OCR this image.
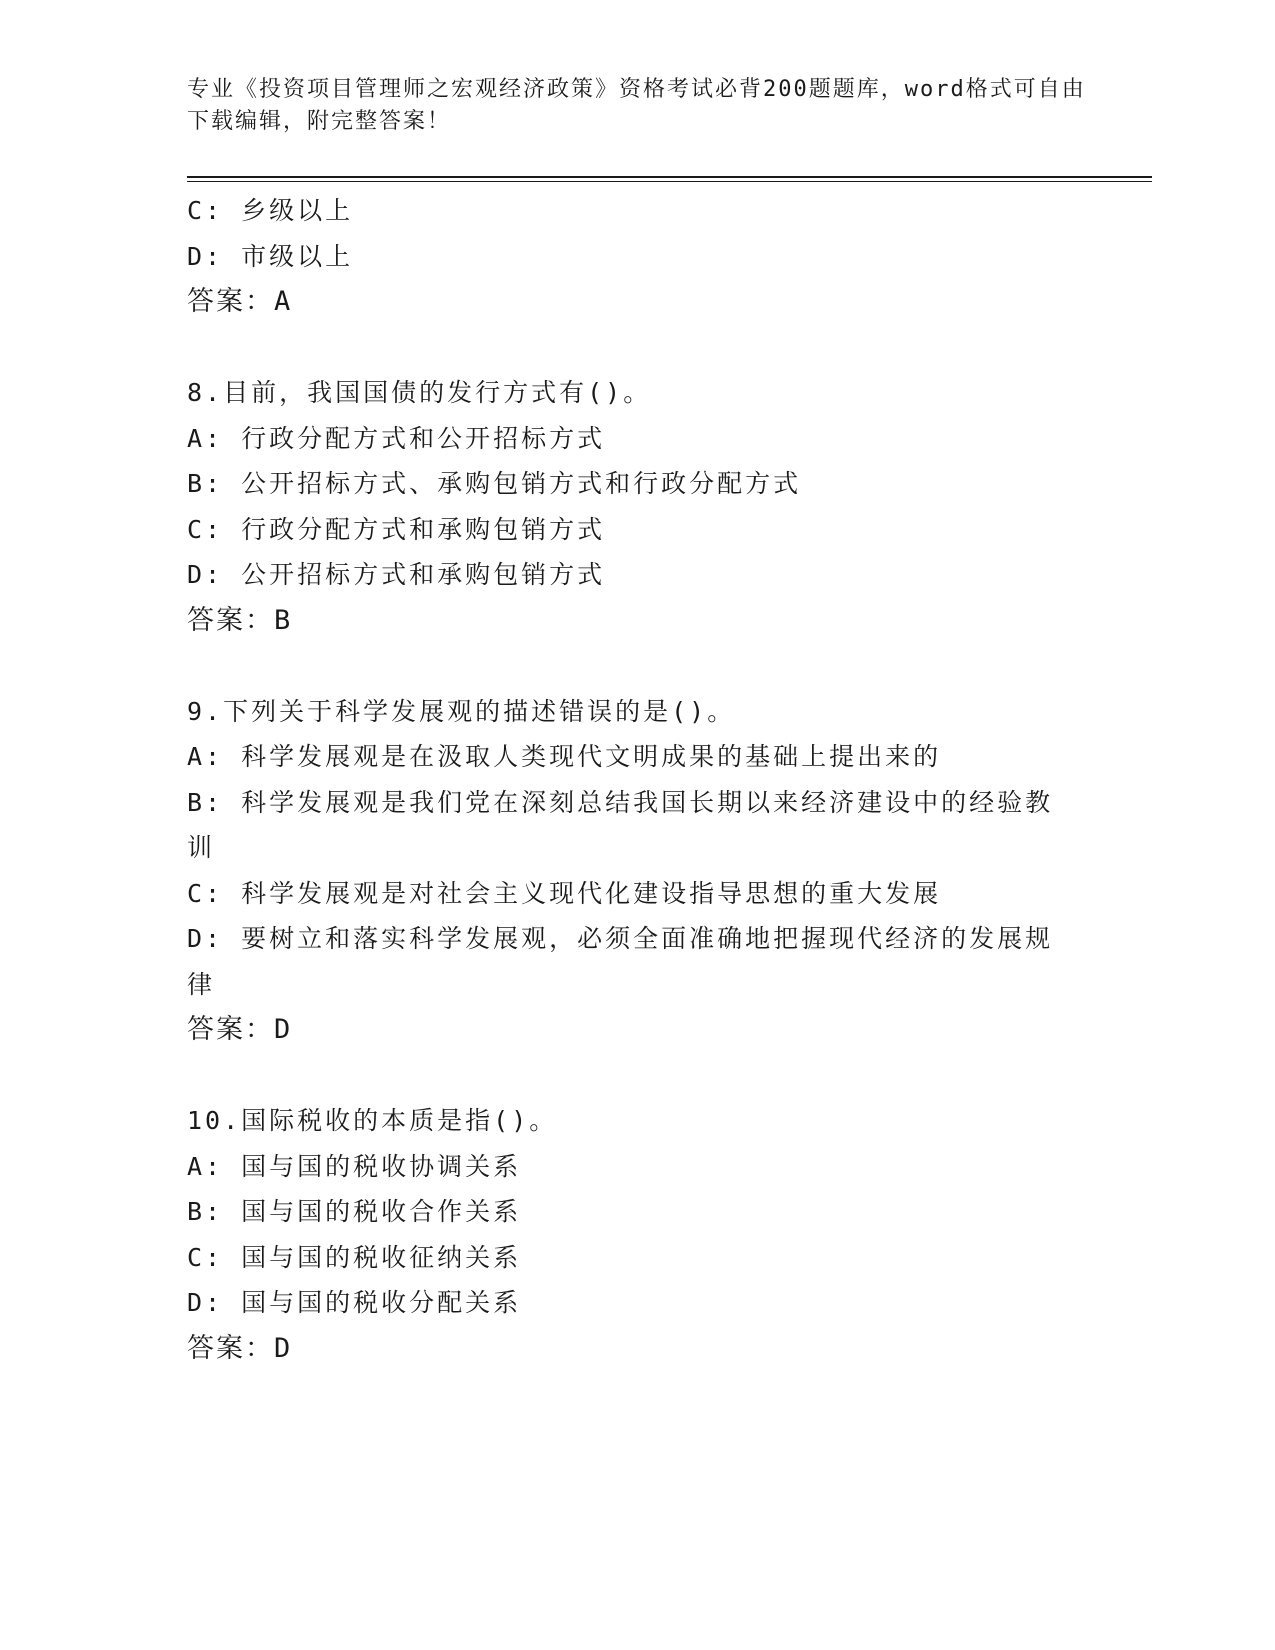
专业《投资项目管理师之宏观经济政策》资格考试必背200题题库，word格式可自由下载编辑，附完整答案！
C: 乡级以上
D: 市级以上
答案：A
8.目前，我国国债的发行方式有()。
A: 行政分配方式和公开招标方式
B: 公开招标方式、承购包销方式和行政分配方式
C: 行政分配方式和承购包销方式
D: 公开招标方式和承购包销方式
答案：B
9.下列关于科学发展观的描述错误的是()。
A: 科学发展观是在汲取人类现代文明成果的基础上提出来的
B: 科学发展观是我们党在深刻总结我国长期以来经济建设中的经验教训
C: 科学发展观是对社会主义现代化建设指导思想的重大发展
D: 要树立和落实科学发展观，必须全面准确地把握现代经济的发展规律
答案：D
10.国际税收的本质是指()。
A: 国与国的税收协调关系
B: 国与国的税收合作关系
C: 国与国的税收征纳关系
D: 国与国的税收分配关系
答案：D
